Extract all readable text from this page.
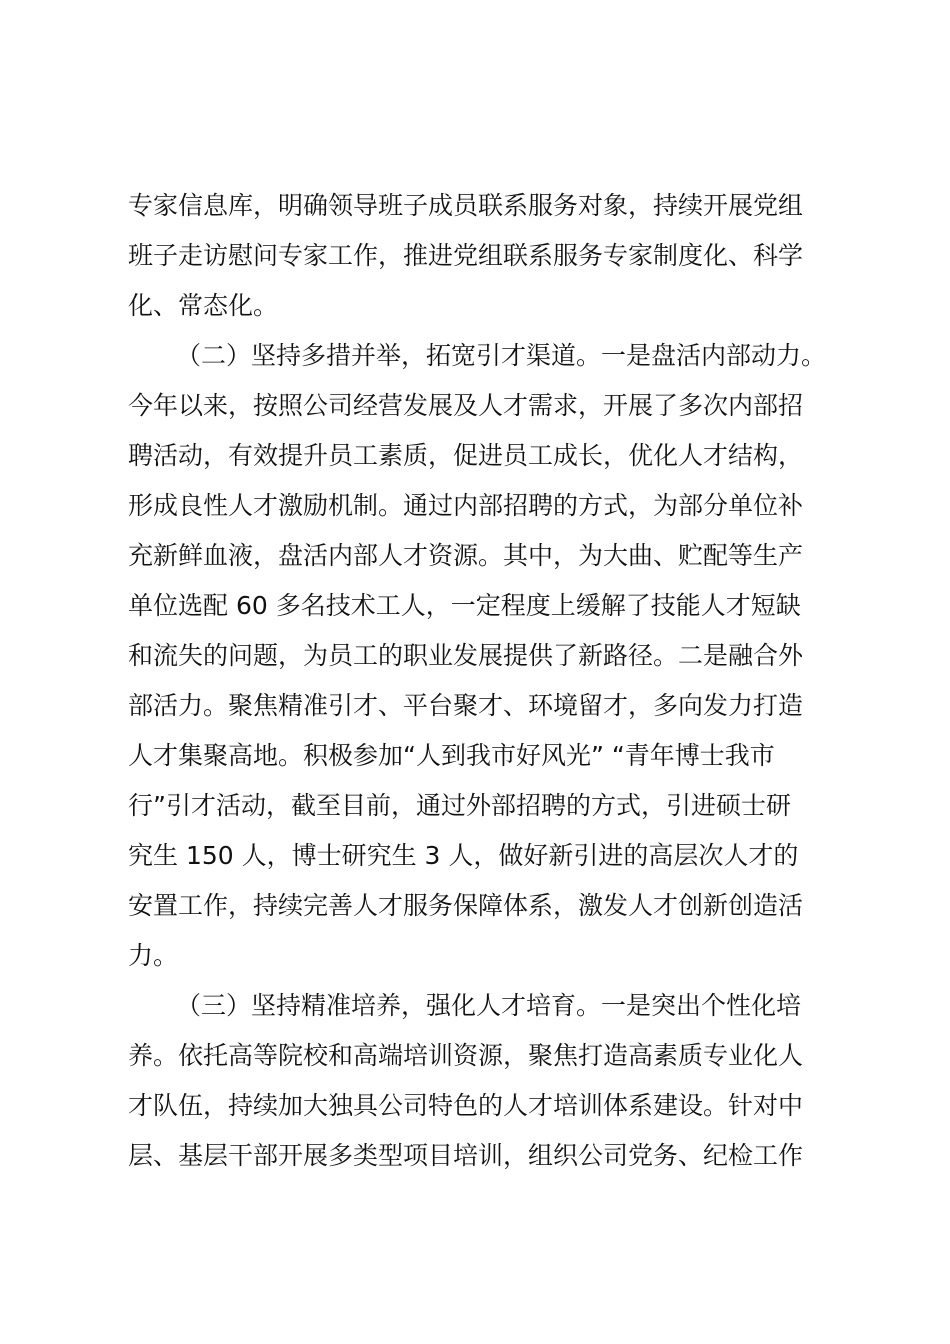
专家信息库，明确领导班子成员联系服务对象，持续开展党组
班子走访慰问专家工作，推进党组联系服务专家制度化、科学
化、常态化。
（二）坚持多措并举，拓宽引才渠道。一是盘活内部动力。
今年以来，按照公司经营发展及人才需求，开展了多次内部招
聘活动，有效提升员工素质，促进员工成长，优化人才结构，
形成良性人才激励机制。通过内部招聘的方式，为部分单位补
充新鲜血液，盘活内部人才资源。其中，为大曲、贮配等生产
单位选配 60 多名技术工人，一定程度上缓解了技能人才短缺
和流失的问题，为员工的职业发展提供了新路径。二是融合外
部活力。聚焦精准引才、平台聚才、环境留才，多向发力打造
人才集聚高地。积极参加“人到我市好风光” “青年博士我市
行”引才活动，截至目前，通过外部招聘的方式，引进硕士研
究生 150 人，博士研究生 3 人，做好新引进的高层次人才的
安置工作，持续完善人才服务保障体系，激发人才创新创造活
力。
（三）坚持精准培养，强化人才培育。一是突出个性化培
养。依托高等院校和高端培训资源，聚焦打造高素质专业化人
才队伍，持续加大独具公司特色的人才培训体系建设。针对中
层、基层干部开展多类型项目培训，组织公司党务、纪检工作
